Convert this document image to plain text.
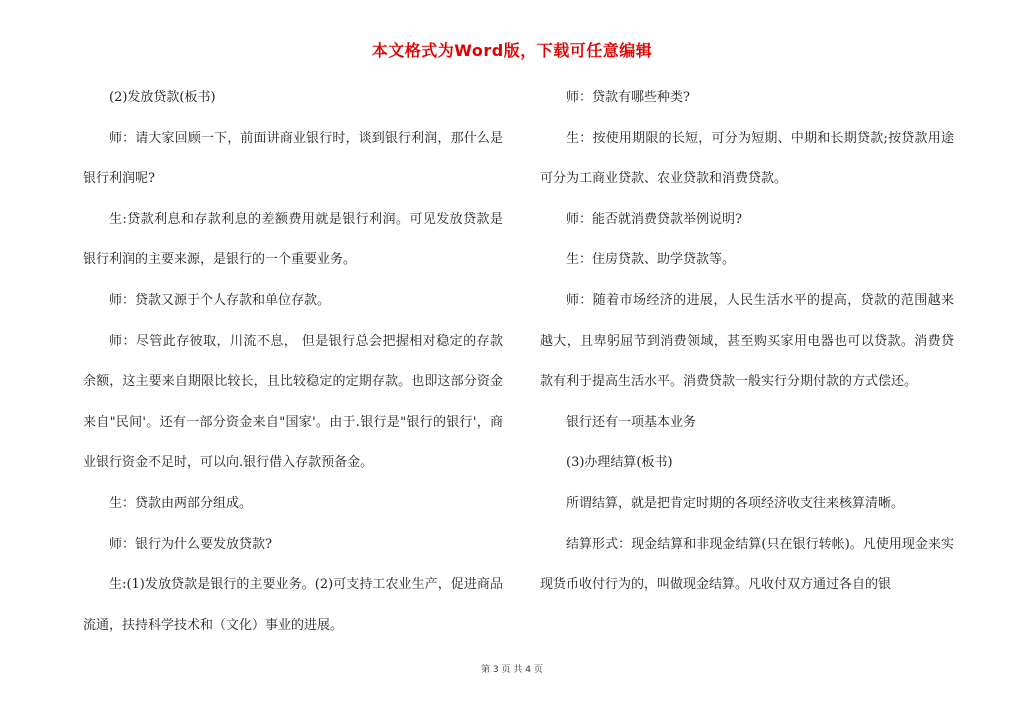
本文格式为Word版，下载可任意编辑

(2)发放贷款(板书)

师：请大家回顾一下，前面讲商业银行时，谈到银行利润，那什么是银行利润呢?

生:贷款利息和存款利息的差额费用就是银行利润。可见发放贷款是银行利润的主要来源，是银行的一个重要业务。

师：贷款又源于个人存款和单位存款。

师：尽管此存彼取，川流不息， 但是银行总会把握相对稳定的存款余额，这主要来自期限比较长，且比较稳定的定期存款。也即这部分资金来自"民间'。还有一部分资金来自"国家'。由于.银行是"银行的银行'，商业银行资金不足时，可以向.银行借入存款预备金。

生：贷款由两部分组成。

师：银行为什么要发放贷款?

生:(1)发放贷款是银行的主要业务。(2)可支持工农业生产，促进商品流通，扶持科学技术和（文化）事业的进展。

师：贷款有哪些种类?

生：按使用期限的长短，可分为短期、中期和长期贷款;按贷款用途可分为工商业贷款、农业贷款和消费贷款。

师：能否就消费贷款举例说明?

生：住房贷款、助学贷款等。

师：随着市场经济的进展，人民生活水平的提高，贷款的范围越来越大，且卑躬屈节到消费领域，甚至购买家用电器也可以贷款。消费贷款有利于提高生活水平。消费贷款一般实行分期付款的方式偿还。

银行还有一项基本业务

(3)办理结算(板书)

所谓结算，就是把肯定时期的各项经济收支往来核算清晰。

结算形式：现金结算和非现金结算(只在银行转帐)。凡使用现金来实现货币收付行为的，叫做现金结算。凡收付双方通过各自的银

第 3 页 共 4 页
